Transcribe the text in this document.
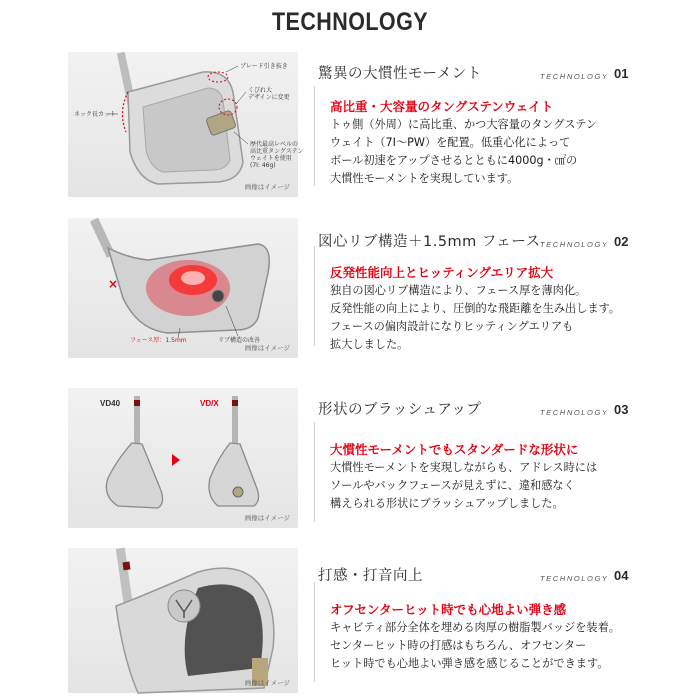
TECHNOLOGY
ブレード引き抜き
くびれ大デザインに変更
ネック長カット
歴代最高レベルの高比重タングステンウェイトを使用(7I: 46g)
画像はイメージ
驚異の大慣性モーメント	TECHNOLOGY 01
高比重・大容量のタングステンウェイト
トゥ側（外周）に高比重、かつ大容量のタングステン
ウェイト（7I〜PW）を配置。低重心化によって
ボール初速をアップさせるとともに4000g・㎠の
大慣性モーメントを実現しています。
×
フェース厚：1.5mm	リブ構造の改善
画像はイメージ
図心リブ構造＋1.5mm フェース TECHNOLOGY 02
反発性能向上とヒッティングエリア拡大
独自の図心リブ構造により、フェース厚を薄肉化。
反発性能の向上により、圧倒的な飛距離を生み出します。
フェースの偏肉設計になりヒッティングエリアも
拡大しました。
VD40	VD/X
画像はイメージ
形状のブラッシュアップ	TECHNOLOGY 03
大慣性モーメントでもスタンダードな形状に
大慣性モーメントを実現しながらも、アドレス時には
ソールやバックフェースが見えずに、違和感なく
構えられる形状にブラッシュアップしました。
画像はイメージ
打感・打音向上	TECHNOLOGY 04
オフセンターヒット時でも心地よい弾き感
キャビティ部分全体を埋める肉厚の樹脂製バッジを装着。
センターヒット時の打感はもちろん、オフセンター
ヒット時でも心地よい弾き感を感じることができます。
